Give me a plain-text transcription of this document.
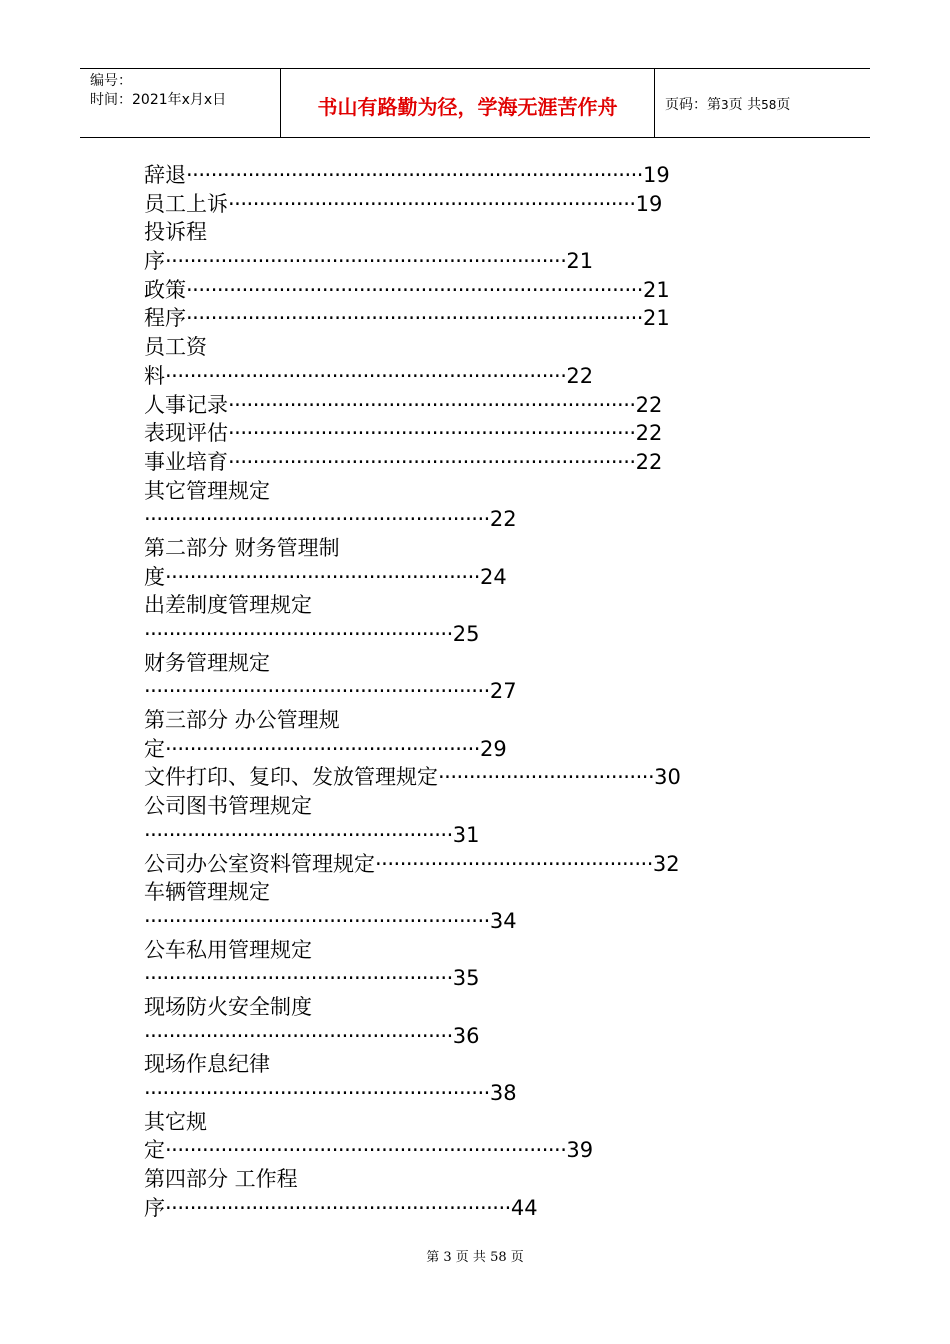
编号：
时间：2021年x月x日	书山有路勤为径，学海无涯苦作舟	页码：第3页 共58页
辞退··········································································19
员工上诉··································································19
投诉程
序·································································21
政策··········································································21
程序··········································································21
员工资
料·································································22
人事记录··································································22
表现评估··································································22
事业培育··································································22
其它管理规定
························································22
第二部分 财务管理制
度···················································24
出差制度管理规定
··················································25
财务管理规定
························································27
第三部分 办公管理规
定···················································29
文件打印、复印、发放管理规定···································30
公司图书管理规定
··················································31
公司办公室资料管理规定·············································32
车辆管理规定
························································34
公车私用管理规定
··················································35
现场防火安全制度
··················································36
现场作息纪律
························································38
其它规
定·································································39
第四部分 工作程
序························································44
第 3 页 共 58 页
